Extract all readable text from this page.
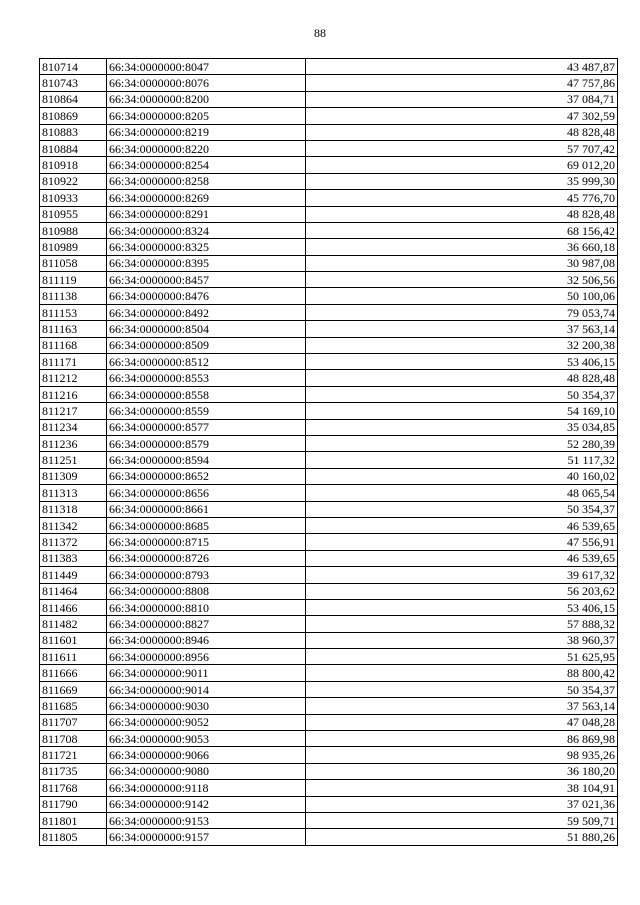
88
810714	66:34:0000000:8047	43 487,87
810743	66:34:0000000:8076	47 757,86
810864	66:34:0000000:8200	37 084,71
810869	66:34:0000000:8205	47 302,59
810883	66:34:0000000:8219	48 828,48
810884	66:34:0000000:8220	57 707,42
810918	66:34:0000000:8254	69 012,20
810922	66:34:0000000:8258	35 999,30
810933	66:34:0000000:8269	45 776,70
810955	66:34:0000000:8291	48 828,48
810988	66:34:0000000:8324	68 156,42
810989	66:34:0000000:8325	36 660,18
811058	66:34:0000000:8395	30 987,08
811119	66:34:0000000:8457	32 506,56
811138	66:34:0000000:8476	50 100,06
811153	66:34:0000000:8492	79 053,74
811163	66:34:0000000:8504	37 563,14
811168	66:34:0000000:8509	32 200,38
811171	66:34:0000000:8512	53 406,15
811212	66:34:0000000:8553	48 828,48
811216	66:34:0000000:8558	50 354,37
811217	66:34:0000000:8559	54 169,10
811234	66:34:0000000:8577	35 034,85
811236	66:34:0000000:8579	52 280,39
811251	66:34:0000000:8594	51 117,32
811309	66:34:0000000:8652	40 160,02
811313	66:34:0000000:8656	48 065,54
811318	66:34:0000000:8661	50 354,37
811342	66:34:0000000:8685	46 539,65
811372	66:34:0000000:8715	47 556,91
811383	66:34:0000000:8726	46 539,65
811449	66:34:0000000:8793	39 617,32
811464	66:34:0000000:8808	56 203,62
811466	66:34:0000000:8810	53 406,15
811482	66:34:0000000:8827	57 888,32
811601	66:34:0000000:8946	38 960,37
811611	66:34:0000000:8956	51 625,95
811666	66:34:0000000:9011	88 800,42
811669	66:34:0000000:9014	50 354,37
811685	66:34:0000000:9030	37 563,14
811707	66:34:0000000:9052	47 048,28
811708	66:34:0000000:9053	86 869,98
811721	66:34:0000000:9066	98 935,26
811735	66:34:0000000:9080	36 180,20
811768	66:34:0000000:9118	38 104,91
811790	66:34:0000000:9142	37 021,36
811801	66:34:0000000:9153	59 509,71
811805	66:34:0000000:9157	51 880,26
